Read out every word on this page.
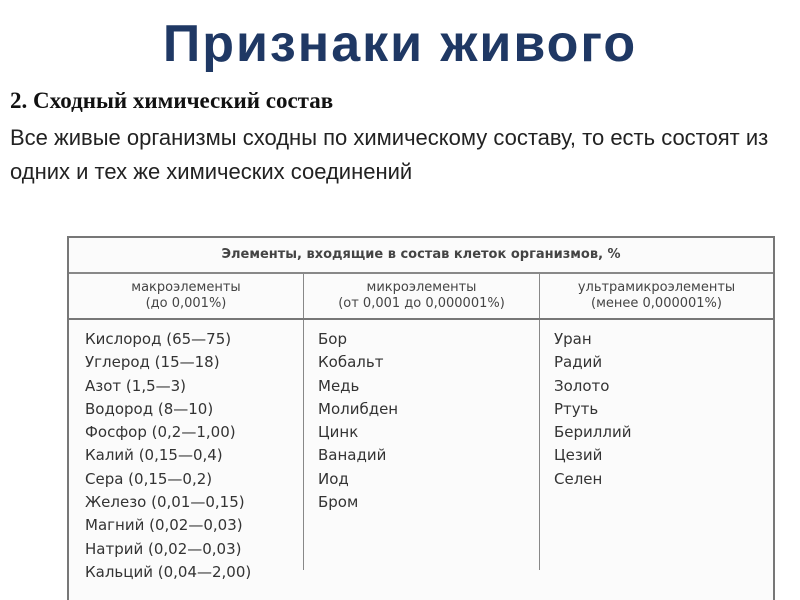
Признаки живого
2. Сходный химический состав
Все живые организмы сходны по химическому составу, то есть состоят из одних и тех же химических соединений
Элементы, входящие в состав клеток организмов, %
макроэлементы
(до 0,001%)
микроэлементы
(от 0,001 до 0,000001%)
ультрамикроэлементы
(менее 0,000001%)
Кислород (65—75)
Углерод (15—18)
Азот (1,5—3)
Водород (8—10)
Фосфор (0,2—1,00)
Калий (0,15—0,4)
Сера (0,15—0,2)
Железо (0,01—0,15)
Магний (0,02—0,03)
Натрий (0,02—0,03)
Кальций (0,04—2,00)
Бор
Кобальт
Медь
Молибден
Цинк
Ванадий
Иод
Бром
Уран
Радий
Золото
Ртуть
Бериллий
Цезий
Селен
